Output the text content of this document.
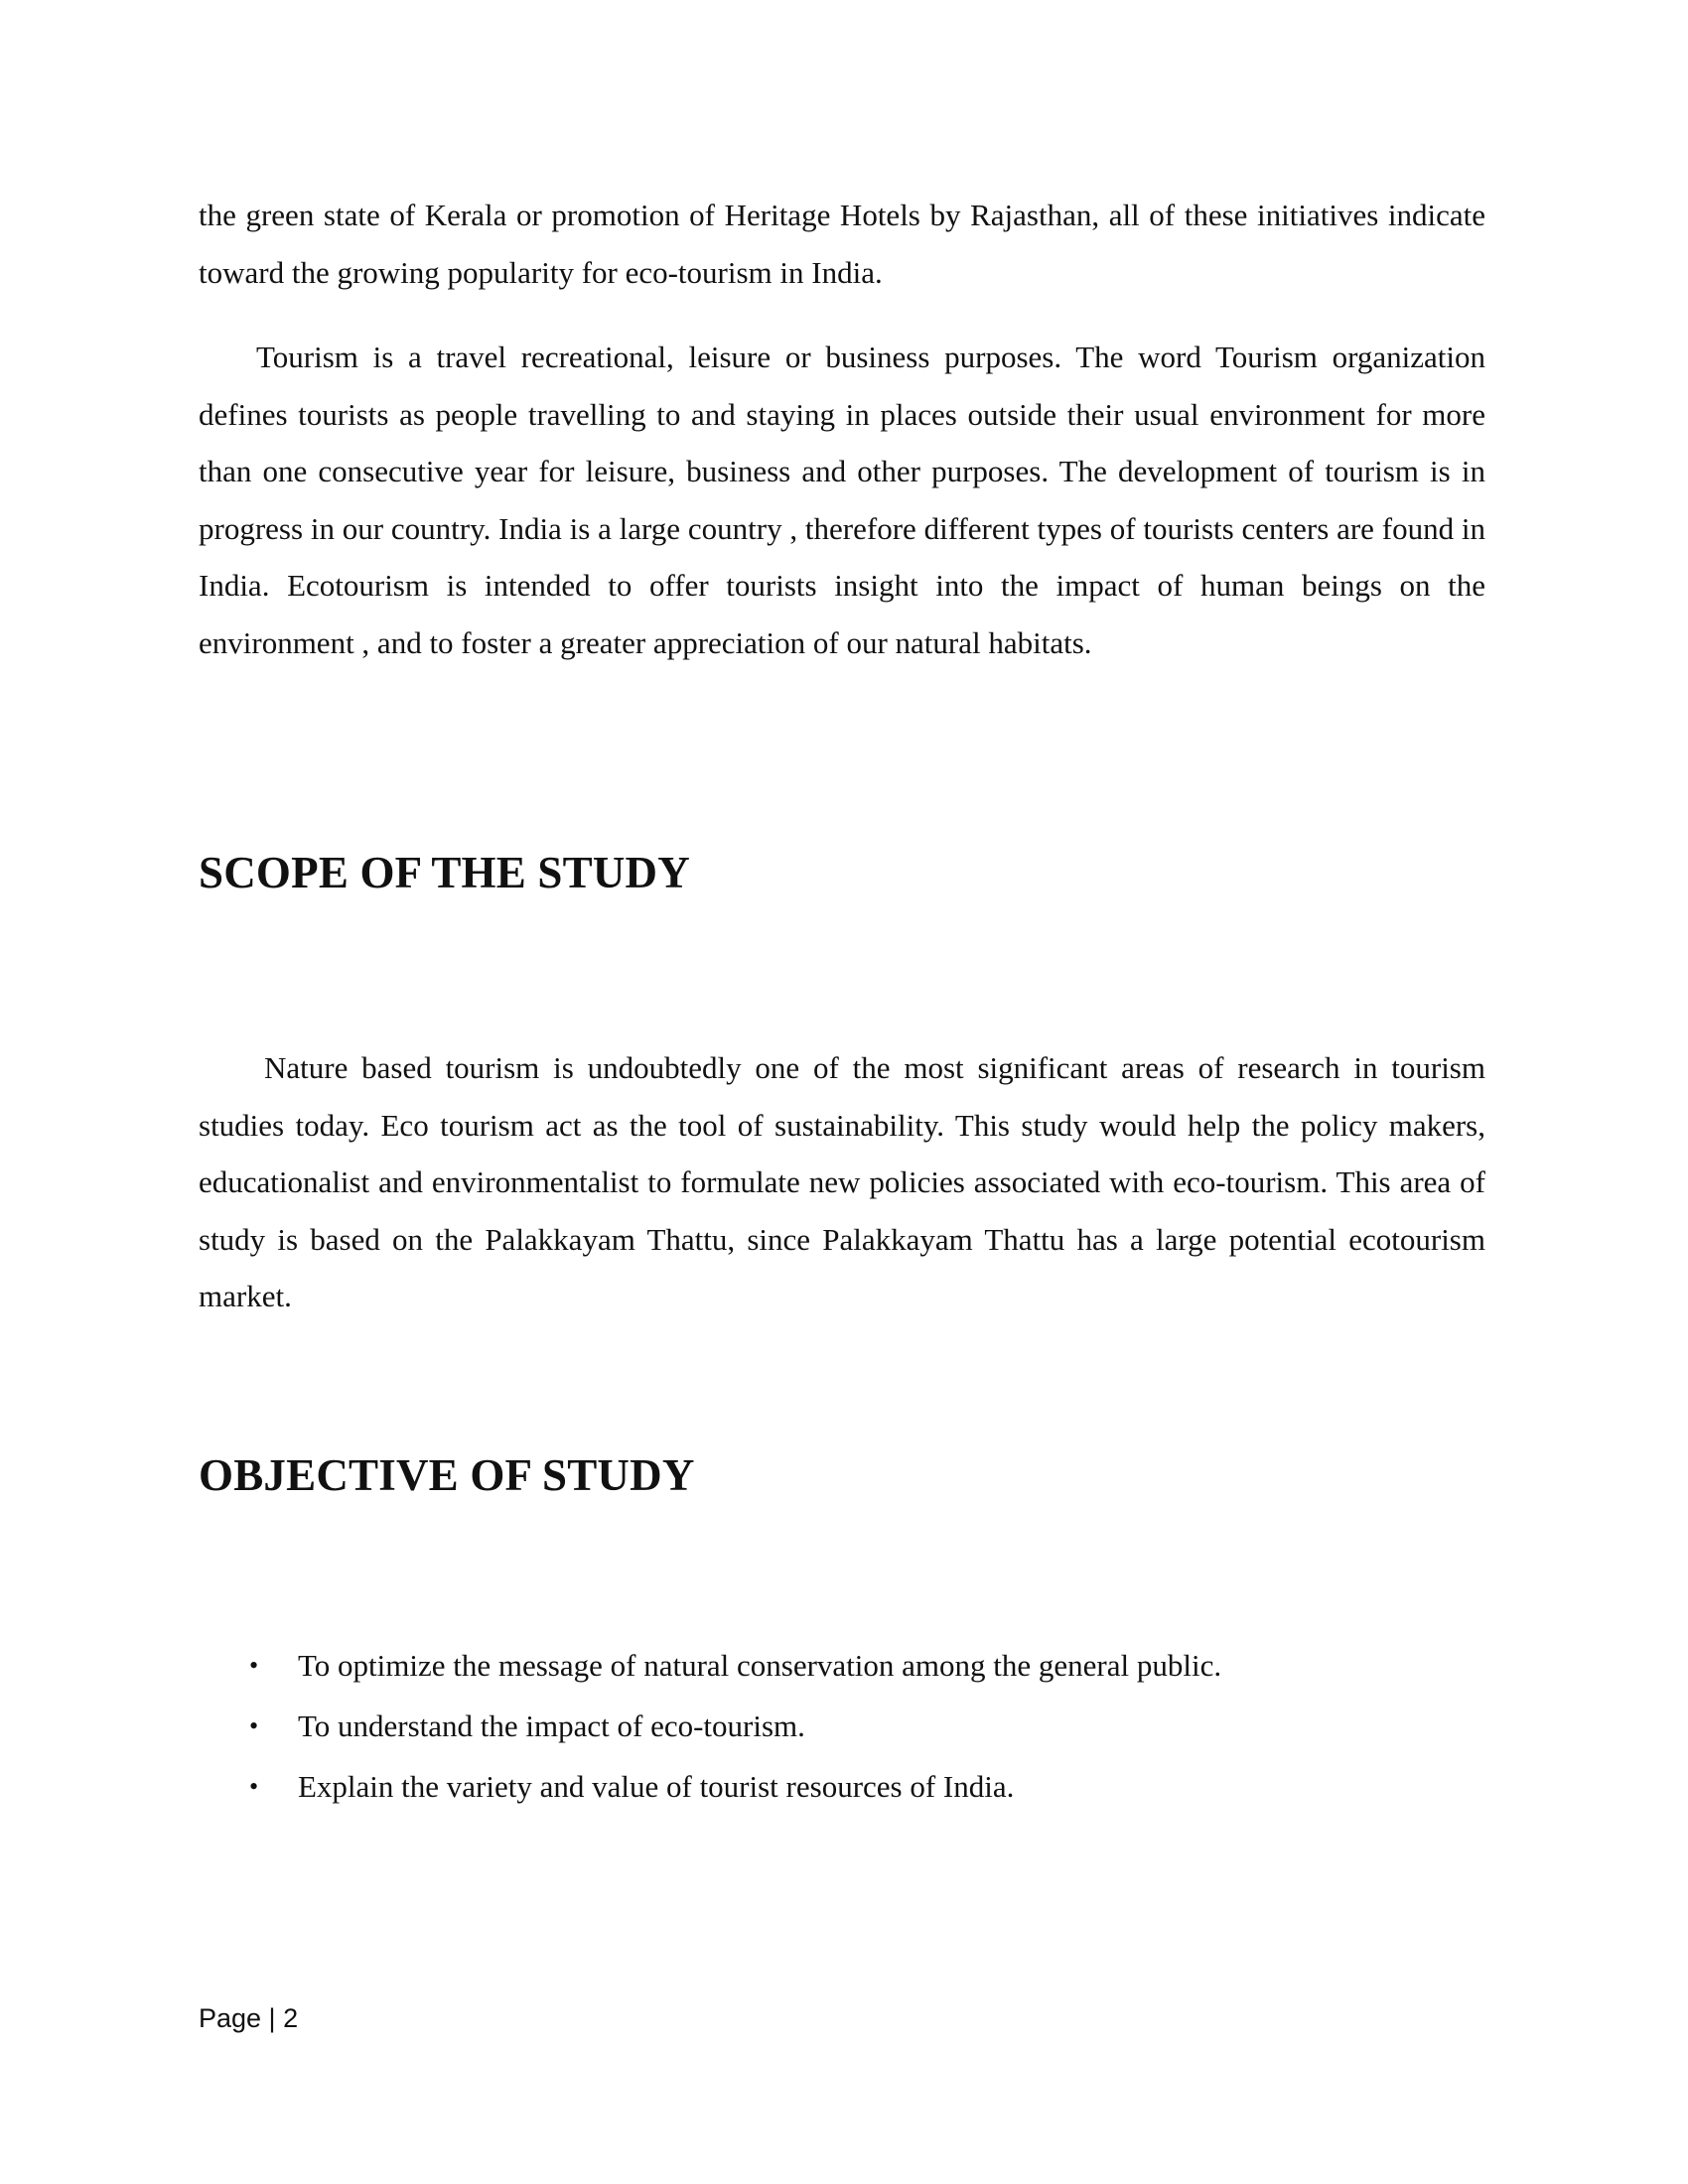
the green state of Kerala or promotion of Heritage Hotels by Rajasthan, all of these initiatives indicate toward the growing popularity for eco-tourism in India.

Tourism is a travel recreational, leisure or business purposes. The word Tourism organization defines tourists as people travelling to and staying in places outside their usual environment for more than one consecutive year for leisure, business and other purposes. The development of tourism is in progress in our country. India is a large country , therefore different types of tourists centers are found in India. Ecotourism is intended to offer tourists insight into the impact of human beings on the environment , and to foster a greater appreciation of our natural habitats.

SCOPE OF THE STUDY

Nature based tourism is undoubtedly one of the most significant areas of research in tourism studies today. Eco tourism act as the tool of sustainability. This study would help the policy makers, educationalist and environmentalist to formulate new policies associated with eco-tourism. This area of study is based on the Palakkayam Thattu, since Palakkayam Thattu has a large potential ecotourism market.

OBJECTIVE OF STUDY
• To optimize the message of natural conservation among the general public.
• To understand the impact of eco-tourism.
• Explain the variety and value of tourist resources of India.
Page | 2
